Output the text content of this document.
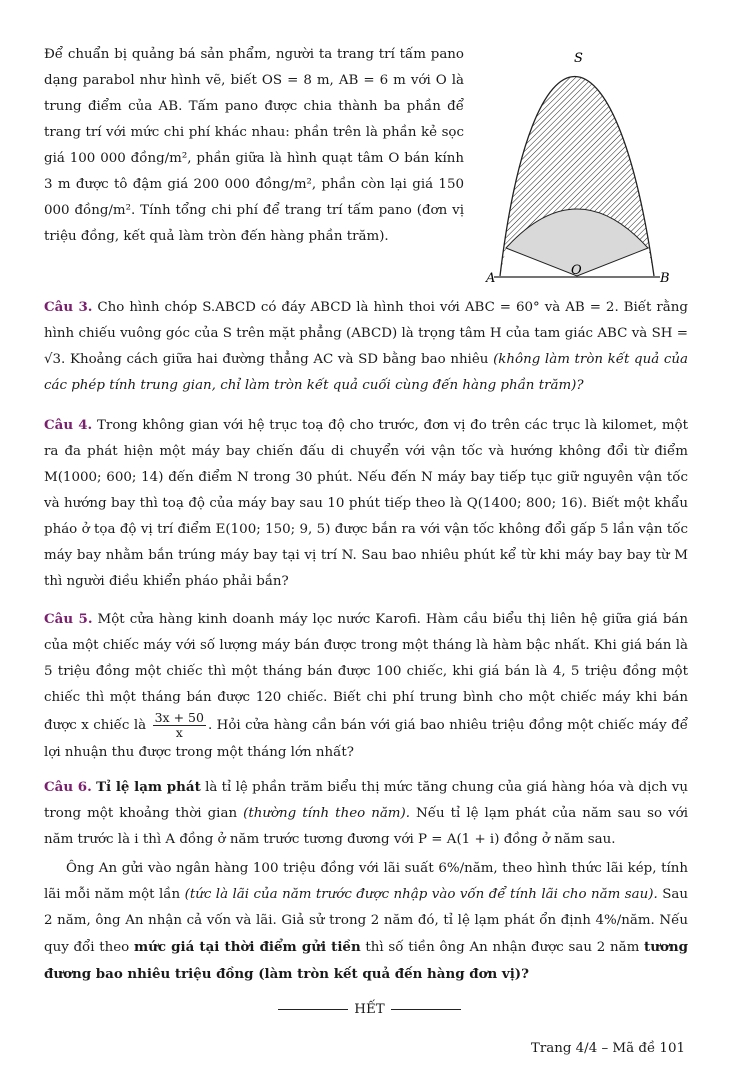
Để chuẩn bị quảng bá sản phẩm, người ta trang trí tấm pano dạng parabol như hình vẽ, biết OS = 8 m, AB = 6 m với O là trung điểm của AB. Tấm pano được chia thành ba phần để trang trí với mức chi phí khác nhau: phần trên là phần kẻ sọc giá 100 000 đồng/m², phần giữa là hình quạt tâm O bán kính 3 m được tô đậm giá 200 000 đồng/m², phần còn lại giá 150 000 đồng/m². Tính tổng chi phí để trang trí tấm pano (đơn vị triệu đồng, kết quả làm tròn đến hàng phần trăm).
S
A
O
B
Câu 3. Cho hình chóp S.ABCD có đáy ABCD là hình thoi với ABC = 60° và AB = 2. Biết rằng hình chiếu vuông góc của S trên mặt phẳng (ABCD) là trọng tâm H của tam giác ABC và SH = √3. Khoảng cách giữa hai đường thẳng AC và SD bằng bao nhiêu (không làm tròn kết quả của các phép tính trung gian, chỉ làm tròn kết quả cuối cùng đến hàng phần trăm)?
Câu 4. Trong không gian với hệ trục toạ độ cho trước, đơn vị đo trên các trục là kilomet, một ra đa phát hiện một máy bay chiến đấu di chuyển với vận tốc và hướng không đổi từ điểm M(1000; 600; 14) đến điểm N trong 30 phút. Nếu đến N máy bay tiếp tục giữ nguyên vận tốc và hướng bay thì toạ độ của máy bay sau 10 phút tiếp theo là Q(1400; 800; 16). Biết một khẩu pháo ở tọa độ vị trí điểm E(100; 150; 9, 5) được bắn ra với vận tốc không đổi gấp 5 lần vận tốc máy bay nhằm bắn trúng máy bay tại vị trí N. Sau bao nhiêu phút kể từ khi máy bay bay từ M thì người điều khiển pháo phải bắn?
Câu 5. Một cửa hàng kinh doanh máy lọc nước Karofi. Hàm cầu biểu thị liên hệ giữa giá bán của một chiếc máy với số lượng máy bán được trong một tháng là hàm bậc nhất. Khi giá bán là 5 triệu đồng một chiếc thì một tháng bán được 100 chiếc, khi giá bán là 4, 5 triệu đồng một chiếc thì một tháng bán được 120 chiếc. Biết chi phí trung bình cho một chiếc máy khi bán được x chiếc là $\frac{3x + 50}{x}$ . Hỏi cửa hàng cần bán với giá bao nhiêu triệu đồng một chiếc máy để lợi nhuận thu được trong một tháng lớn nhất?
Câu 6. Tỉ lệ lạm phát là tỉ lệ phần trăm biểu thị mức tăng chung của giá hàng hóa và dịch vụ trong một khoảng thời gian (thường tính theo năm). Nếu tỉ lệ lạm phát của năm sau so với năm trước là i thì A đồng ở năm trước tương đương với P = A(1 + i) đồng ở năm sau.
Ông An gửi vào ngân hàng 100 triệu đồng với lãi suất 6%/năm, theo hình thức lãi kép, tính lãi mỗi năm một lần (tức là lãi của năm trước được nhập vào vốn để tính lãi cho năm sau). Sau 2 năm, ông An nhận cả vốn và lãi. Giả sử trong 2 năm đó, tỉ lệ lạm phát ổn định 4%/năm. Nếu quy đổi theo mức giá tại thời điểm gửi tiền thì số tiền ông An nhận được sau 2 năm tương đương bao nhiêu triệu đồng (làm tròn kết quả đến hàng đơn vị)?
HẾT
Trang 4/4 – Mã đề 101
